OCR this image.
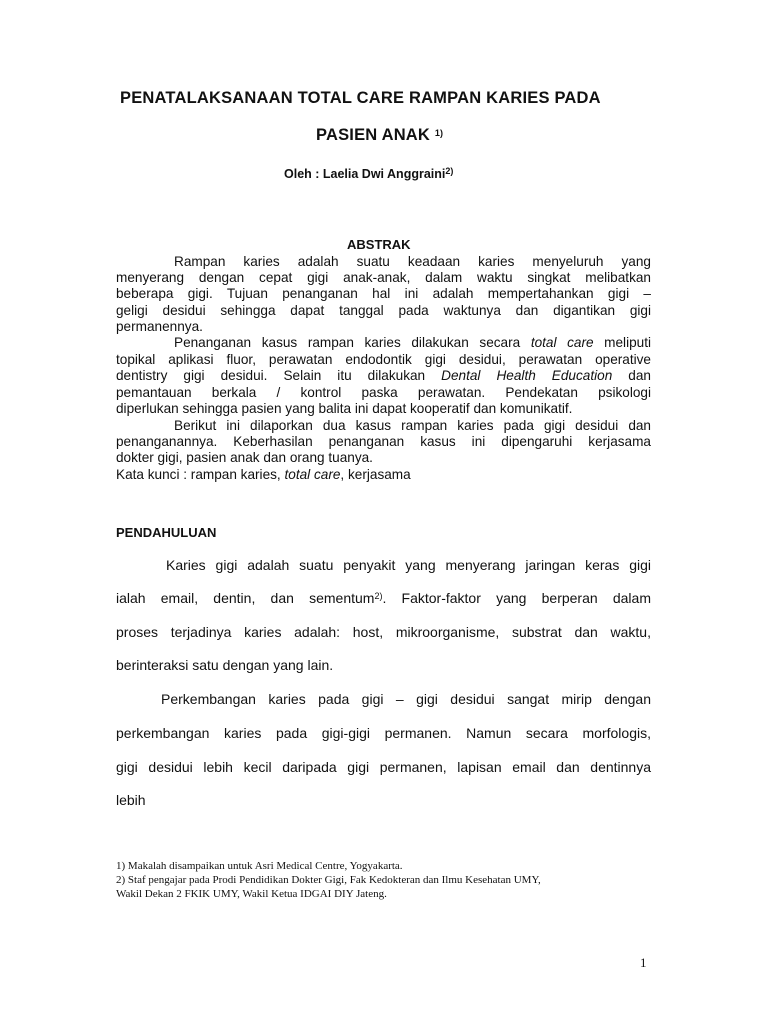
PENATALAKSANAAN TOTAL CARE RAMPAN KARIES PADA
PASIEN ANAK $^{1)}$
Oleh : Laelia Dwi Anggraini$^{2)}$
ABSTRAK
Rampan karies adalah suatu keadaan karies menyeluruh yang
menyerang dengan cepat gigi anak-anak, dalam waktu singkat melibatkan
beberapa gigi. Tujuan penanganan hal ini adalah mempertahankan gigi –
geligi desidui sehingga dapat tanggal pada waktunya dan digantikan gigi
permanennya.
Penanganan kasus rampan karies dilakukan secara total care meliputi
topikal aplikasi fluor, perawatan endodontik gigi desidui, perawatan operative
dentistry gigi desidui. Selain itu dilakukan Dental Health Education dan
pemantauan berkala / kontrol paska perawatan. Pendekatan psikologi
diperlukan sehingga pasien yang balita ini dapat kooperatif dan komunikatif.
Berikut ini dilaporkan dua kasus rampan karies pada gigi desidui dan
penanganannya. Keberhasilan penanganan kasus ini dipengaruhi kerjasama
dokter gigi, pasien anak dan orang tuanya.
Kata kunci : rampan karies, total care, kerjasama
PENDAHULUAN
Karies gigi adalah suatu penyakit yang menyerang jaringan keras gigi
ialah email, dentin, dan sementum$^{2)}$. Faktor-faktor yang berperan dalam
proses terjadinya karies adalah: host, mikroorganisme, substrat dan waktu,
berinteraksi satu dengan yang lain.
Perkembangan karies pada gigi – gigi desidui sangat mirip dengan
perkembangan karies pada gigi-gigi permanen. Namun secara morfologis,
gigi desidui lebih kecil daripada gigi permanen, lapisan email dan dentinnya
lebih
1) Makalah disampaikan untuk Asri Medical Centre, Yogyakarta.
2) Staf pengajar pada Prodi Pendidikan Dokter Gigi, Fak Kedokteran dan Ilmu Kesehatan UMY,
Wakil Dekan 2 FKIK UMY, Wakil Ketua IDGAI DIY Jateng.
1
